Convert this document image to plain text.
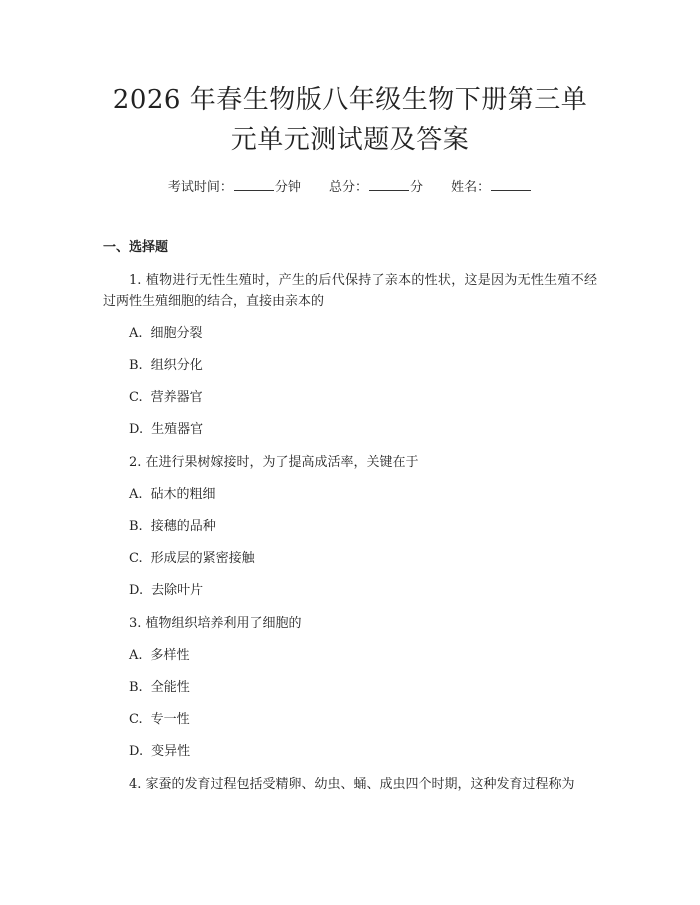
2026 年春生物版八年级生物下册第三单元单元测试题及答案
考试时间：	分钟 总分：	分 姓名：
一、选择题
1. 植物进行无性生殖时，产生的后代保持了亲本的性状，这是因为无性生殖不经过两性生殖细胞的结合，直接由亲本的
A. 细胞分裂
B. 组织分化
C. 营养器官
D. 生殖器官
2. 在进行果树嫁接时，为了提高成活率，关键在于
A. 砧木的粗细
B. 接穗的品种
C. 形成层的紧密接触
D. 去除叶片
3. 植物组织培养利用了细胞的
A. 多样性
B. 全能性
C. 专一性
D. 变异性
4. 家蚕的发育过程包括受精卵、幼虫、蛹、成虫四个时期，这种发育过程称为
